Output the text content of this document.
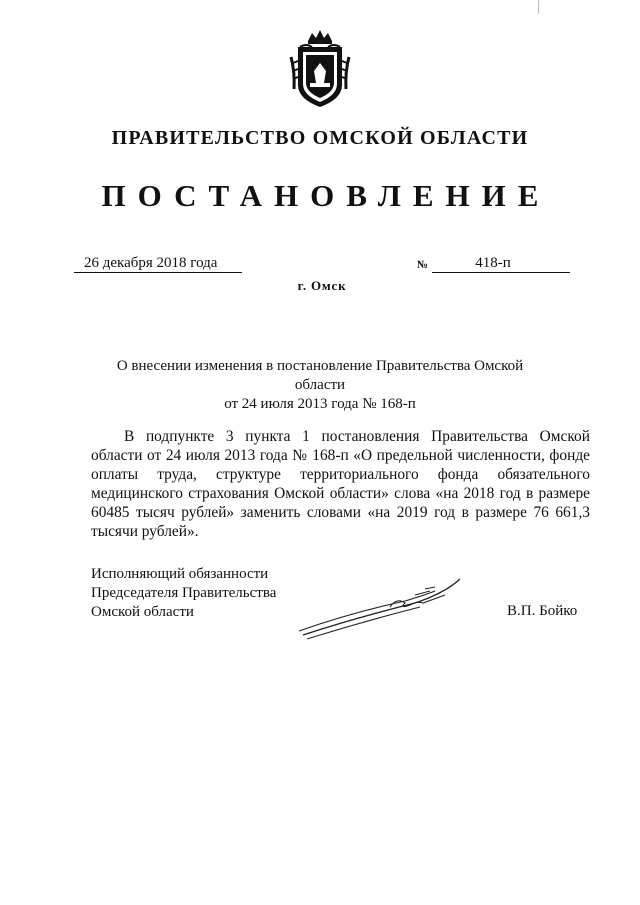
ПРАВИТЕЛЬСТВО ОМСКОЙ ОБЛАСТИ
ПОСТАНОВЛЕНИЕ
26 декабря 2018 года	№	418-п
г. Омск
О внесении изменения в постановление Правительства Омской области
от 24 июля 2013 года № 168-п

В подпункте 3 пункта 1 постановления Правительства Омской области от 24 июля 2013 года № 168-п «О предельной численности, фонде оплаты труда, структуре территориального фонда обязательного медицинского страхования Омской области» слова «на 2018 год в размере 60485 тысяч рублей» заменить словами «на 2019 год в размере 76 661,3 тысячи рублей».

Исполняющий обязанности
Председателя Правительства
Омской области	В.П. Бойко
